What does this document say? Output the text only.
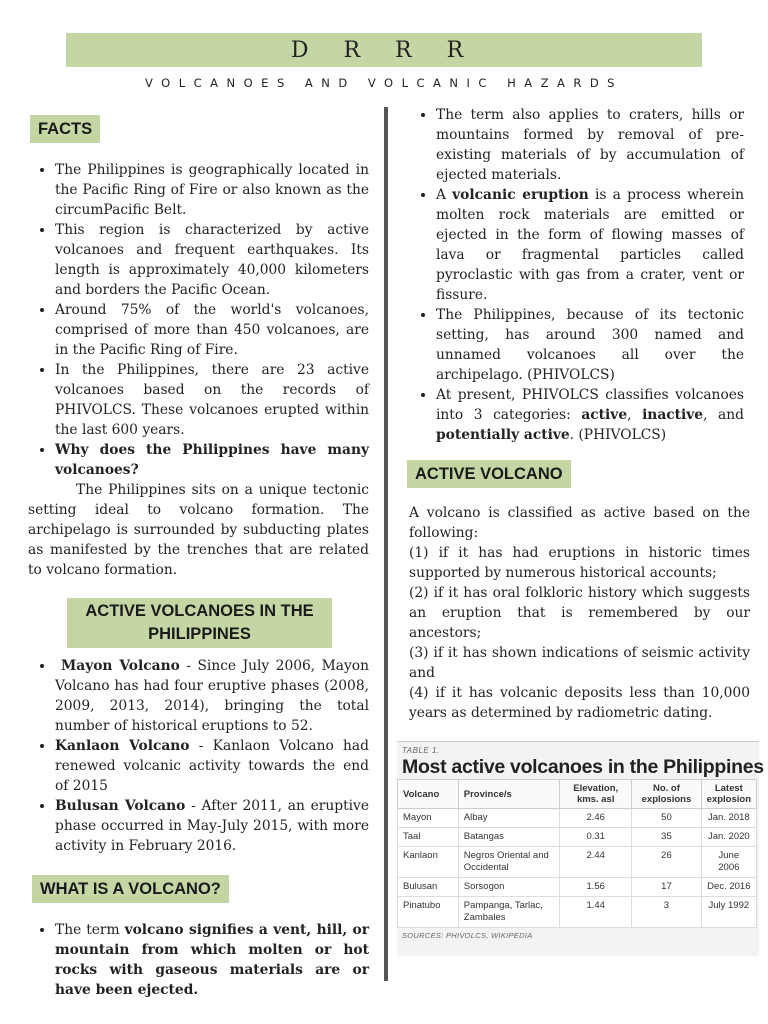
D R R R
VOLCANOES AND VOLCANIC HAZARDS
FACTS
• The Philippines is geographically located in the Pacific Ring of Fire or also known as the circumPacific Belt.
• This region is characterized by active volcanoes and frequent earthquakes. Its length is approximately 40,000 kilometers and borders the Pacific Ocean.
• Around 75% of the world's volcanoes, comprised of more than 450 volcanoes, are in the Pacific Ring of Fire.
• In the Philippines, there are 23 active volcanoes based on the records of PHIVOLCS. These volcanoes erupted within the last 600 years.
• Why does the Philippines have many volcanoes?

The Philippines sits on a unique tectonic setting ideal to volcano formation. The archipelago is surrounded by subducting plates as manifested by the trenches that are related to volcano formation.

ACTIVE VOLCANOES IN THE PHILIPPINES
• Mayon Volcano - Since July 2006, Mayon Volcano has had four eruptive phases (2008, 2009, 2013, 2014), bringing the total number of historical eruptions to 52.
• Kanlaon Volcano - Kanlaon Volcano had renewed volcanic activity towards the end of 2015
• Bulusan Volcano - After 2011, an eruptive phase occurred in May-July 2015, with more activity in February 2016.
WHAT IS A VOLCANO?
• The term volcano signifies a vent, hill, or mountain from which molten or hot rocks with gaseous materials are or have been ejected.
• The term also applies to craters, hills or mountains formed by removal of pre-existing materials of by accumulation of ejected materials.
• A volcanic eruption is a process wherein molten rock materials are emitted or ejected in the form of flowing masses of lava or fragmental particles called pyroclastic with gas from a crater, vent or fissure.
• The Philippines, because of its tectonic setting, has around 300 named and unnamed volcanoes all over the archipelago. (PHIVOLCS)
• At present, PHIVOLCS classifies volcanoes into 3 categories: active, inactive, and potentially active. (PHIVOLCS)
ACTIVE VOLCANO

A volcano is classified as active based on the following:

(1) if it has had eruptions in historic times supported by numerous historical accounts;

(2) if it has oral folkloric history which suggests an eruption that is remembered by our ancestors;

(3) if it has shown indications of seismic activity and

(4) if it has volcanic deposits less than 10,000 years as determined by radiometric dating.

TABLE 1.
Most active volcanoes in the Philippines
Volcano	Province/s	Elevation, kms. asl	No. of explosions	Latest explosion
Mayon	Albay	2.46	50	Jan. 2018
Taal	Batangas	0.31	35	Jan. 2020
Kanlaon	Negros Oriental and Occidental	2.44	26	June 2006
Bulusan	Sorsogon	1.56	17	Dec. 2016
Pinatubo	Pampanga, Tarlac, Zambales	1.44	3	July 1992
SOURCES: PHIVOLCS, WIKIPEDIA
